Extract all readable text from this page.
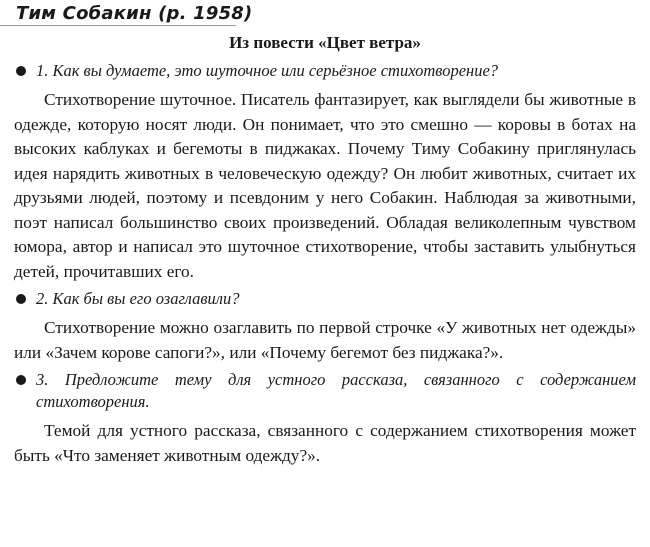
Тим Собакин (р. 1958)
Из повести «Цвет ветра»
1. Как вы думаете, это шуточное или серьёзное стихотворение?

Стихотворение шуточное. Писатель фантазирует, как выглядели бы животные в одежде, которую носят люди. Он понимает, что это смешно — коровы в ботах на высоких каблуках и бегемоты в пиджаках. Почему Тиму Собакину приглянулась идея нарядить животных в человеческую одежду? Он любит животных, считает их друзьями людей, поэтому и псевдоним у него Собакин. Наблюдая за животными, поэт написал большинство своих произведений. Обладая великолепным чувством юмора, автор и написал это шуточное стихотворение, чтобы заставить улыбнуться детей, прочитавших его.

2. Как бы вы его озаглавили?

Стихотворение можно озаглавить по первой строчке «У животных нет одежды» или «Зачем корове сапоги?», или «Почему бегемот без пиджака?».

3. Предложите тему для устного рассказа, связанного с содержанием стихотворения.

Темой для устного рассказа, связанного с содержанием стихотворения может быть «Что заменяет животным одежду?».
